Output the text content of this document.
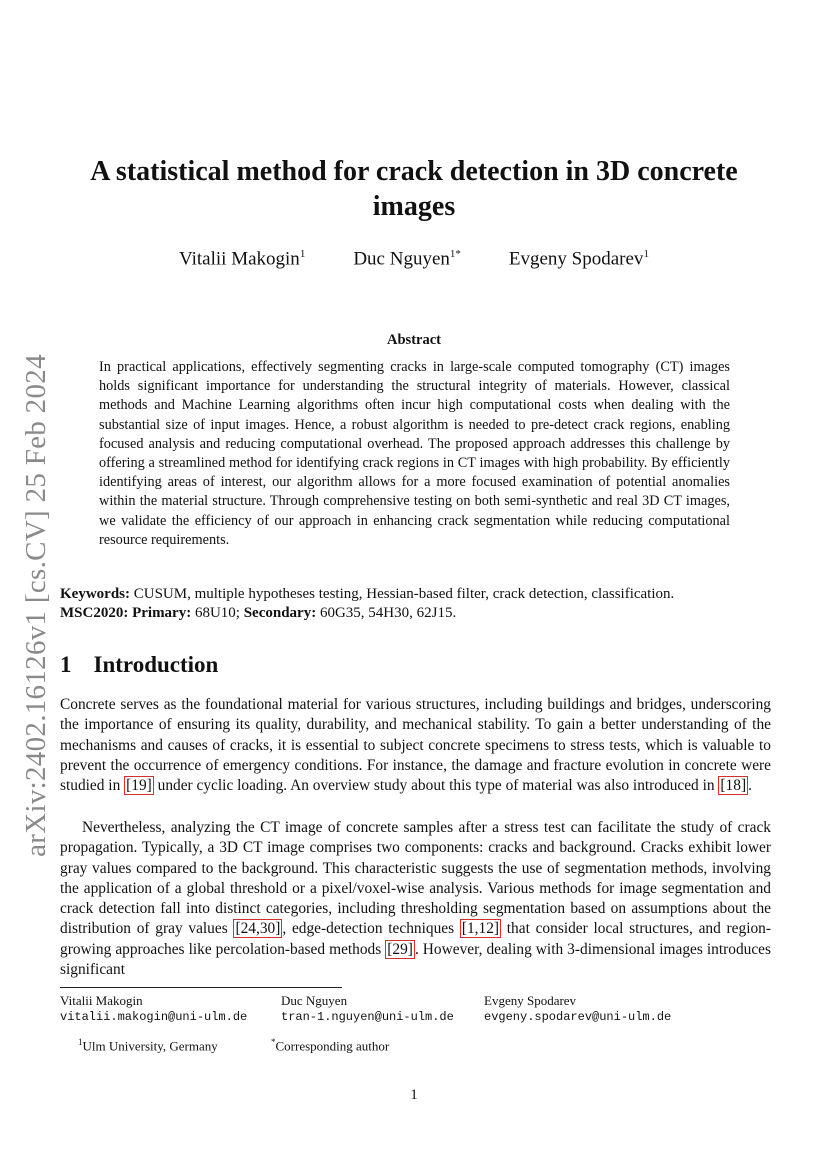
arXiv:2402.16126v1 [cs.CV] 25 Feb 2024
A statistical method for crack detection in 3D concrete images
Vitalii Makogin$^1$	Duc Nguyen$^{1*}$	Evgeny Spodarev$^1$
Abstract

In practical applications, effectively segmenting cracks in large-scale computed tomography (CT) images holds significant importance for understanding the structural integrity of materials. However, classical methods and Machine Learning algorithms often incur high computational costs when dealing with the substantial size of input images. Hence, a robust algorithm is needed to pre-detect crack regions, enabling focused analysis and reducing computational overhead. The proposed approach addresses this challenge by offering a streamlined method for identifying crack regions in CT images with high probability. By efficiently identifying areas of interest, our algorithm allows for a more focused examination of potential anomalies within the material structure. Through comprehensive testing on both semi-synthetic and real 3D CT images, we validate the efficiency of our approach in enhancing crack segmentation while reducing computational resource requirements.

Keywords: CUSUM, multiple hypotheses testing, Hessian-based filter, crack detection, classification.

MSC2020: Primary: 68U10; Secondary: 60G35, 54H30, 62J15.

1 Introduction

Concrete serves as the foundational material for various structures, including buildings and bridges, underscoring the importance of ensuring its quality, durability, and mechanical stability. To gain a better understanding of the mechanisms and causes of cracks, it is essential to subject concrete specimens to stress tests, which is valuable to prevent the occurrence of emergency conditions. For instance, the damage and fracture evolution in concrete were studied in [19] under cyclic loading. An overview study about this type of material was also introduced in [18] .

Nevertheless, analyzing the CT image of concrete samples after a stress test can facilitate the study of crack propagation. Typically, a 3D CT image comprises two components: cracks and background. Cracks exhibit lower gray values compared to the background. This characteristic suggests the use of segmentation methods, involving the application of a global threshold or a pixel/voxel-wise analysis. Various methods for image segmentation and crack detection fall into distinct categories, including thresholding segmentation based on assumptions about the distribution of gray values [24,30] , edge-detection techniques [1,12] that consider local structures, and region-growing approaches like percolation-based methods [29] . However, dealing with 3-dimensional images introduces significant

Vitalii Makogin
vitalii.makogin@uni-ulm.de
Duc Nguyen
tran-1.nguyen@uni-ulm.de
Evgeny Spodarev
evgeny.spodarev@uni-ulm.de
$^1$Ulm University, Germany	*Corresponding author
1
